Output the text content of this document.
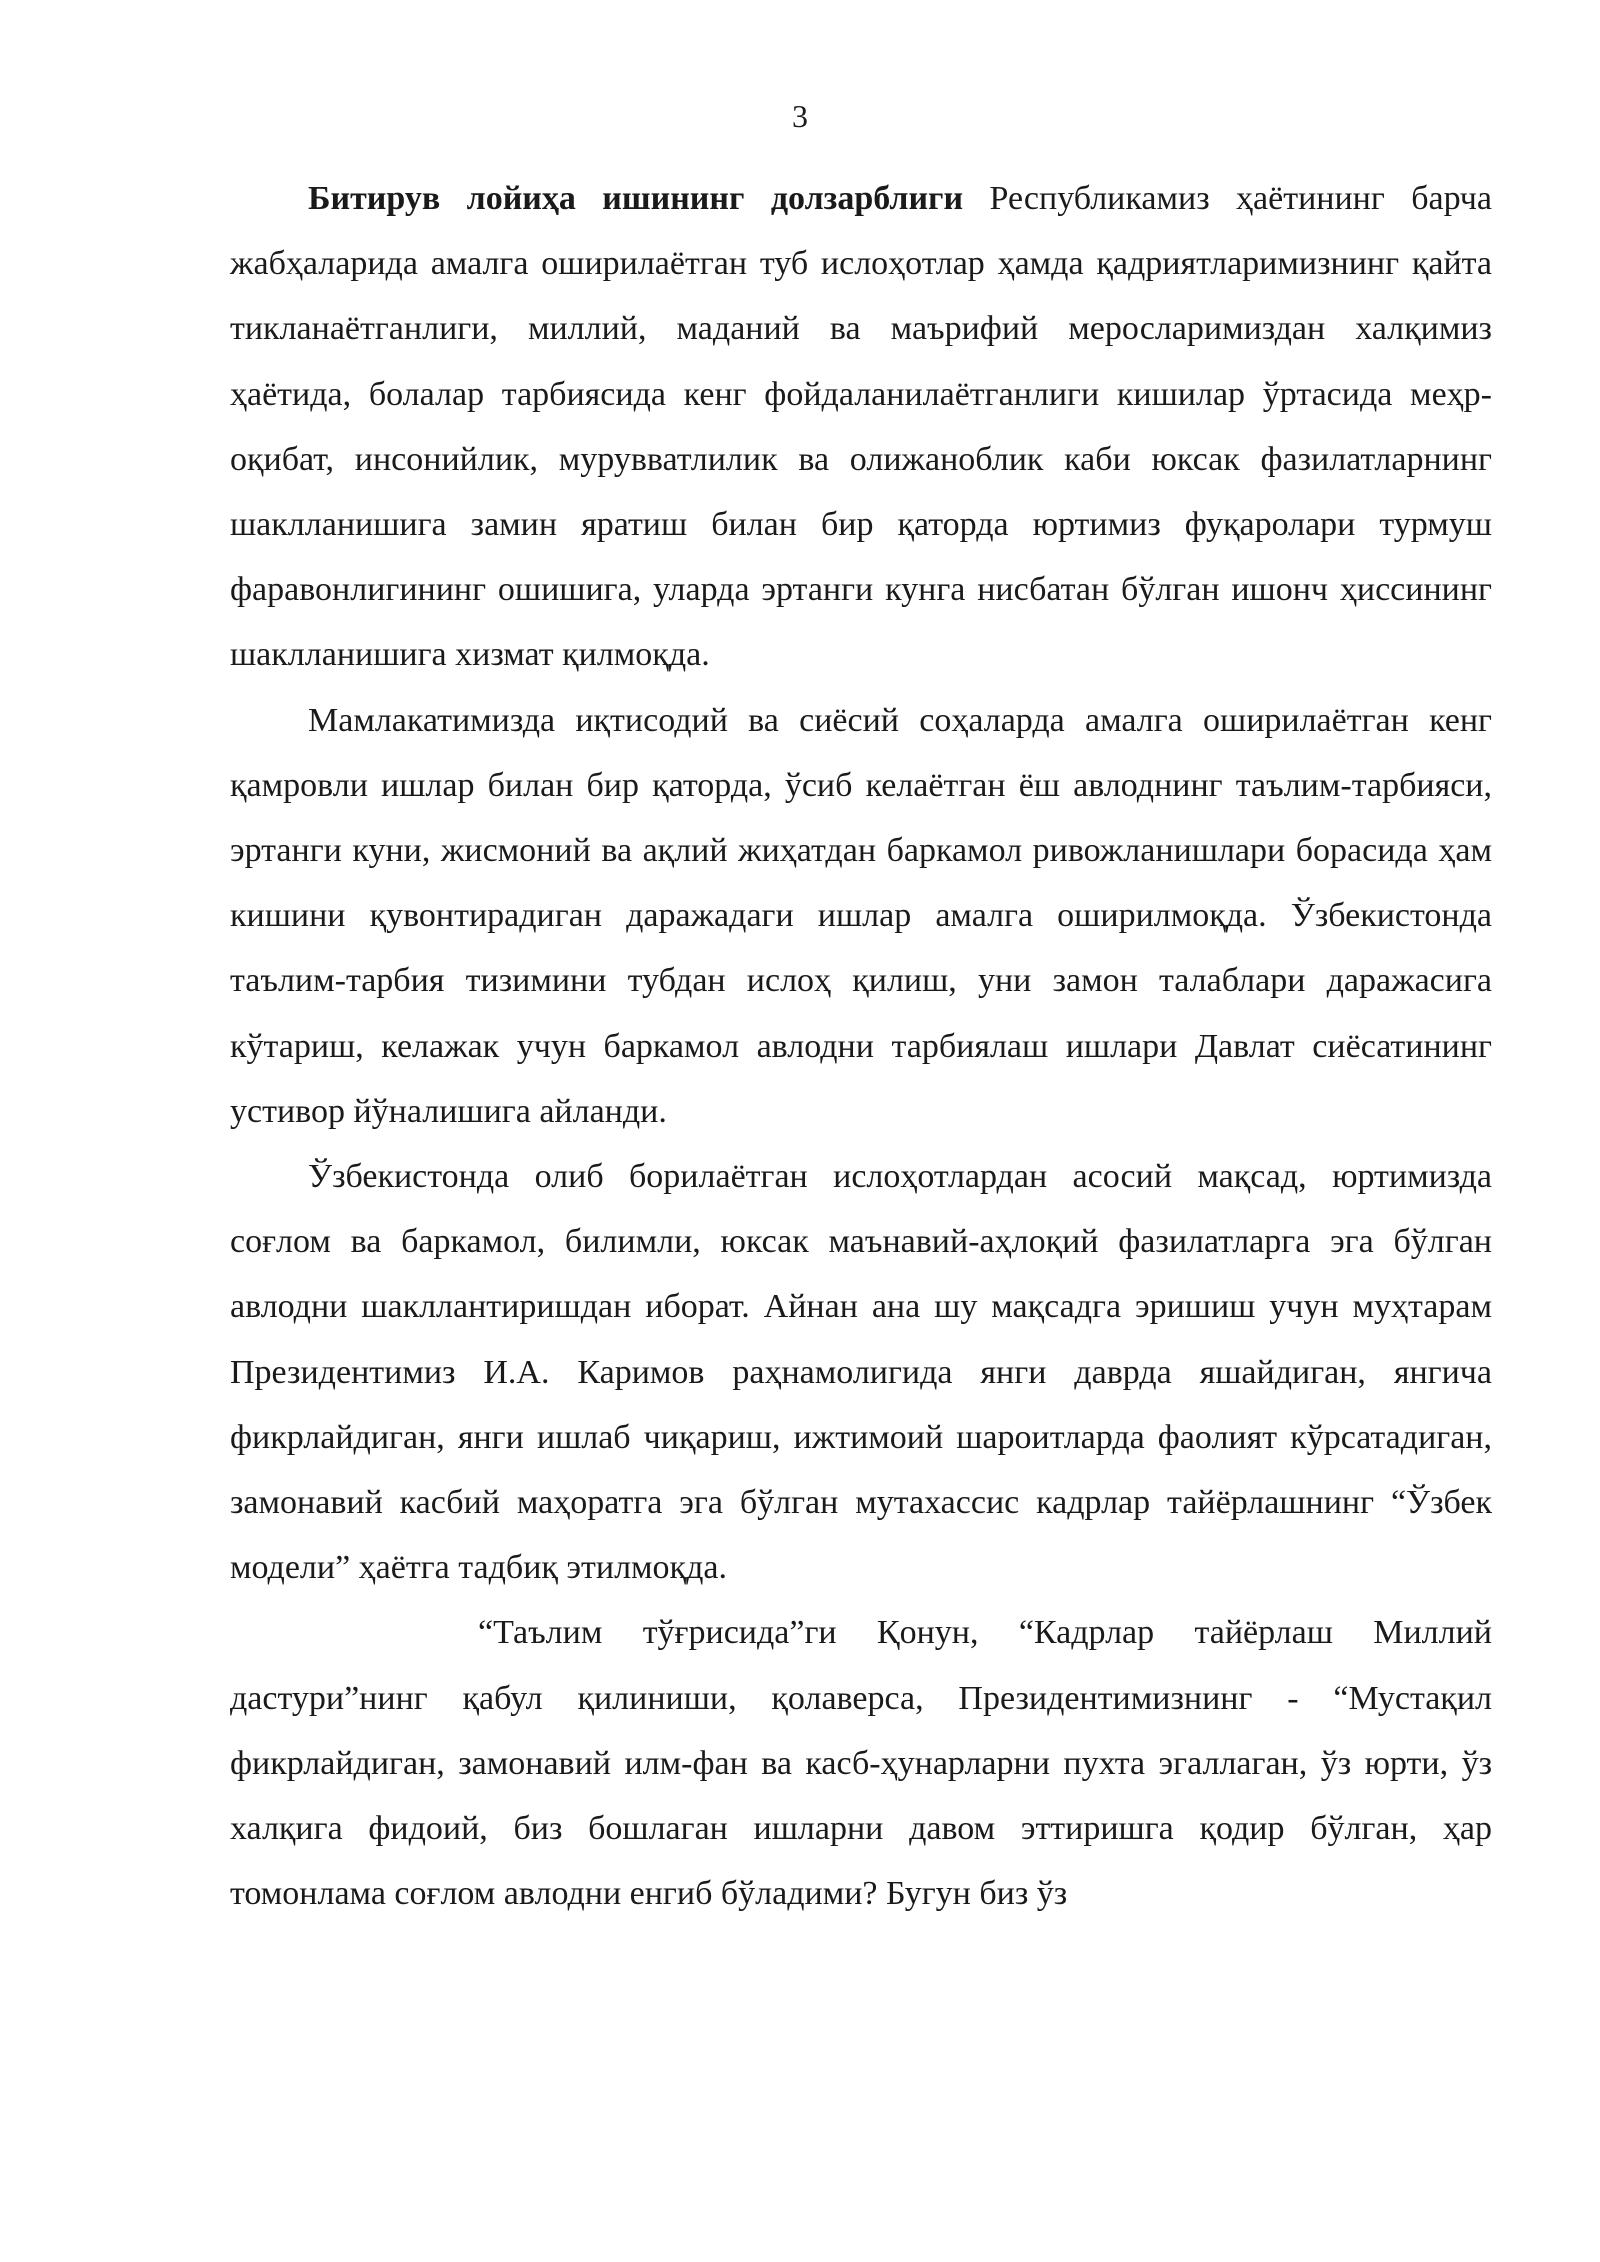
3

Битирув лойиҳа ишининг долзарблиги Республикамиз ҳаётининг барча жабҳаларида амалга оширилаётган туб ислоҳотлар ҳамда қадриятларимизнинг қайта тикланаётганлиги, миллий, маданий ва маърифий меросларимиздан халқимиз ҳаётида, болалар тарбиясида кенг фойдаланилаётганлиги кишилар ўртасида меҳр-оқибат, инсонийлик, мурувватлилик ва олижаноблик каби юксак фазилатларнинг шаклланишига замин яратиш билан бир қаторда юртимиз фуқаролари турмуш фаравонлигининг ошишига, уларда эртанги кунга нисбатан бўлган ишонч ҳиссининг шаклланишига хизмат қилмоқда.

Мамлакатимизда иқтисодий ва сиёсий соҳаларда амалга оширилаётган кенг қамровли ишлар билан бир қаторда, ўсиб келаётган ёш авлоднинг таълим-тарбияси, эртанги куни, жисмоний ва ақлий жиҳатдан баркамол ривожланишлари борасида ҳам кишини қувонтирадиган даражадаги ишлар амалга оширилмоқда. Ўзбекистонда таълим-тарбия тизимини тубдан ислоҳ қилиш, уни замон талаблари даражасига кўтариш, келажак учун баркамол авлодни тарбиялаш ишлари Давлат сиёсатининг устивор йўналишига айланди.

Ўзбекистонда олиб борилаётган ислоҳотлардан асосий мақсад, юртимизда соғлом ва баркамол, билимли, юксак маънавий-аҳлоқий фазилатларга эга бўлган авлодни шакллантиришдан иборат. Айнан ана шу мақсадга эришиш учун муҳтарам Президентимиз И.А. Каримов раҳнамолигида янги даврда яшайдиган, янгича фикрлайдиган, янги ишлаб чиқариш, ижтимоий шароитларда фаолият кўрсатадиган, замонавий касбий маҳоратга эга бўлган мутахассис кадрлар тайёрлашнинг “Ўзбек модели” ҳаётга тадбиқ этилмоқда.

“Таълим тўғрисида”ги Қонун, “Кадрлар тайёрлаш Миллий дастури”нинг қабул қилиниши, қолаверса, Президентимизнинг - “Мустақил фикрлайдиган, замонавий илм-фан ва касб-ҳунарларни пухта эгаллаган, ўз юрти, ўз халқига фидоий, биз бошлаган ишларни давом эттиришга қодир бўлган, ҳар томонлама соғлом авлодни енгиб бўладими? Бугун биз ўз
